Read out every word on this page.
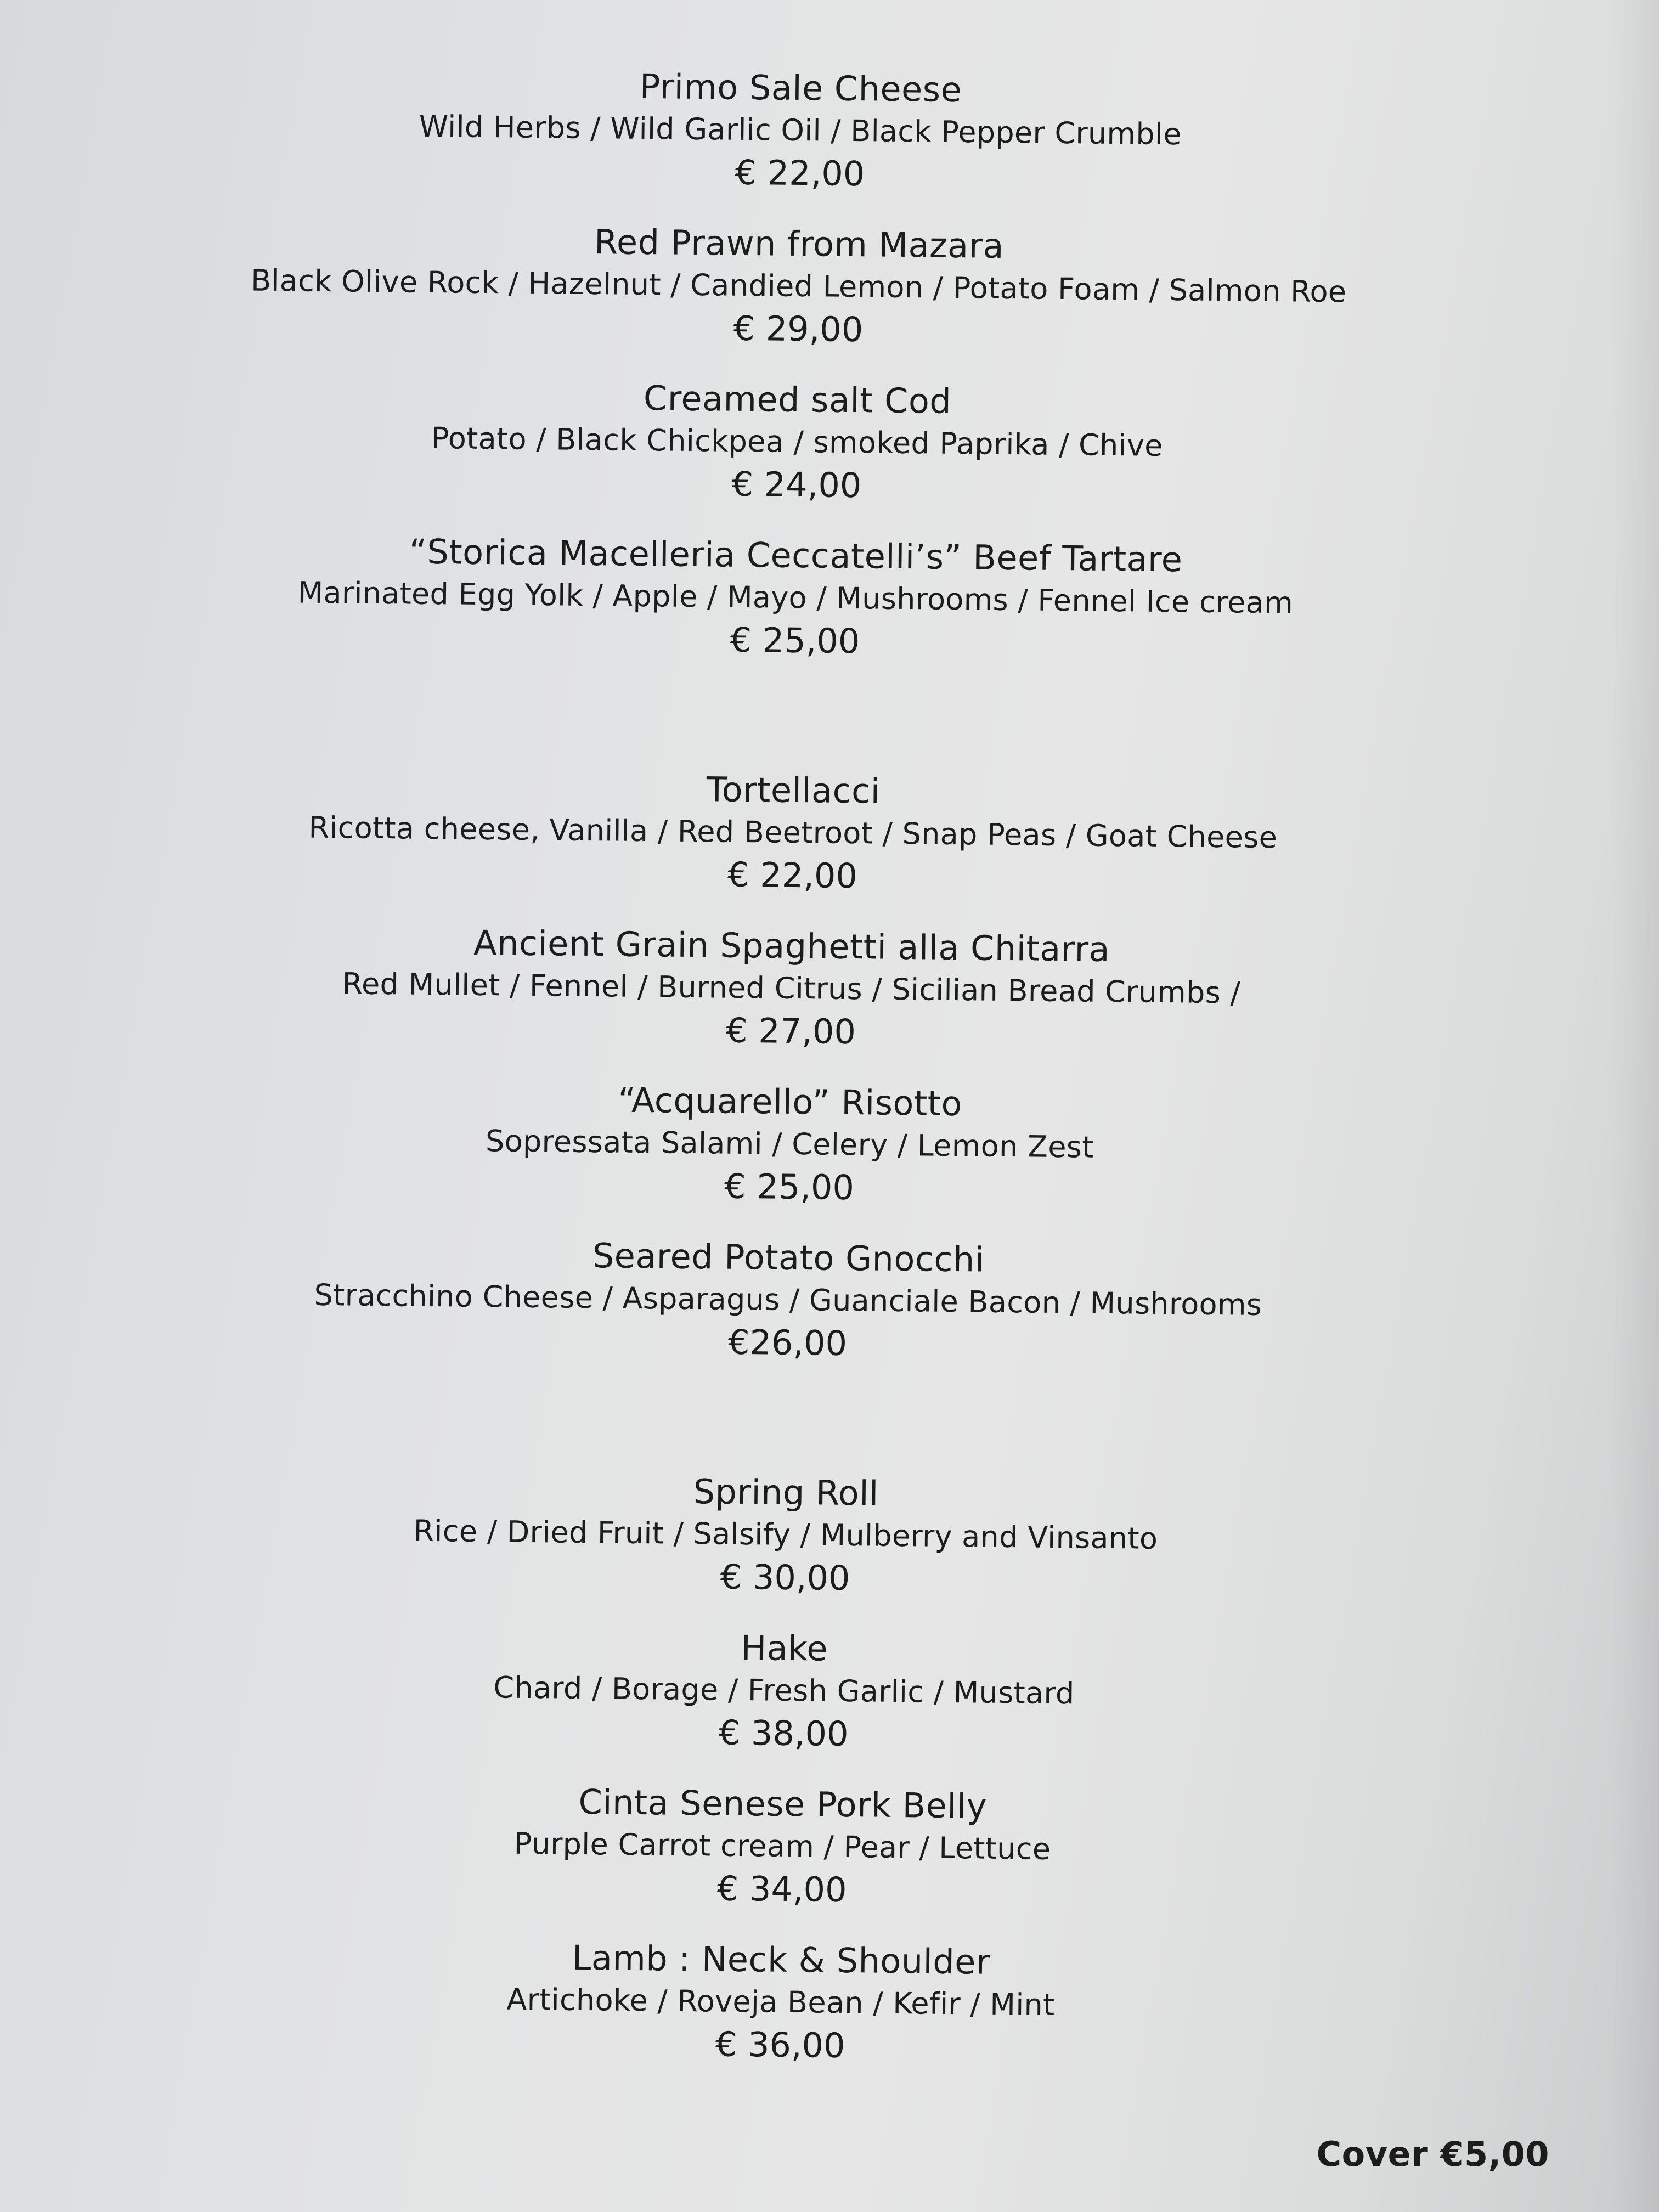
Primo Sale Cheese

Wild Herbs / Wild Garlic Oil / Black Pepper Crumble

€ 22,00

Red Prawn from Mazara

Black Olive Rock / Hazelnut / Candied Lemon / Potato Foam / Salmon Roe

€ 29,00

Creamed salt Cod

Potato / Black Chickpea / smoked Paprika / Chive

€ 24,00

“Storica Macelleria Ceccatelli’s” Beef Tartare

Marinated Egg Yolk / Apple / Mayo / Mushrooms / Fennel Ice cream

€ 25,00

Tortellacci

Ricotta cheese, Vanilla / Red Beetroot / Snap Peas / Goat Cheese

€ 22,00

Ancient Grain Spaghetti alla Chitarra

Red Mullet / Fennel / Burned Citrus / Sicilian Bread Crumbs /

€ 27,00

“Acquarello” Risotto

Sopressata Salami / Celery / Lemon Zest

€ 25,00

Seared Potato Gnocchi

Stracchino Cheese / Asparagus / Guanciale Bacon / Mushrooms

€26,00

Spring Roll

Rice / Dried Fruit / Salsify / Mulberry and Vinsanto

€ 30,00

Hake

Chard / Borage / Fresh Garlic / Mustard

€ 38,00

Cinta Senese Pork Belly

Purple Carrot cream / Pear / Lettuce

€ 34,00

Lamb : Neck & Shoulder

Artichoke / Roveja Bean / Kefir / Mint

€ 36,00

Cover €5,00
